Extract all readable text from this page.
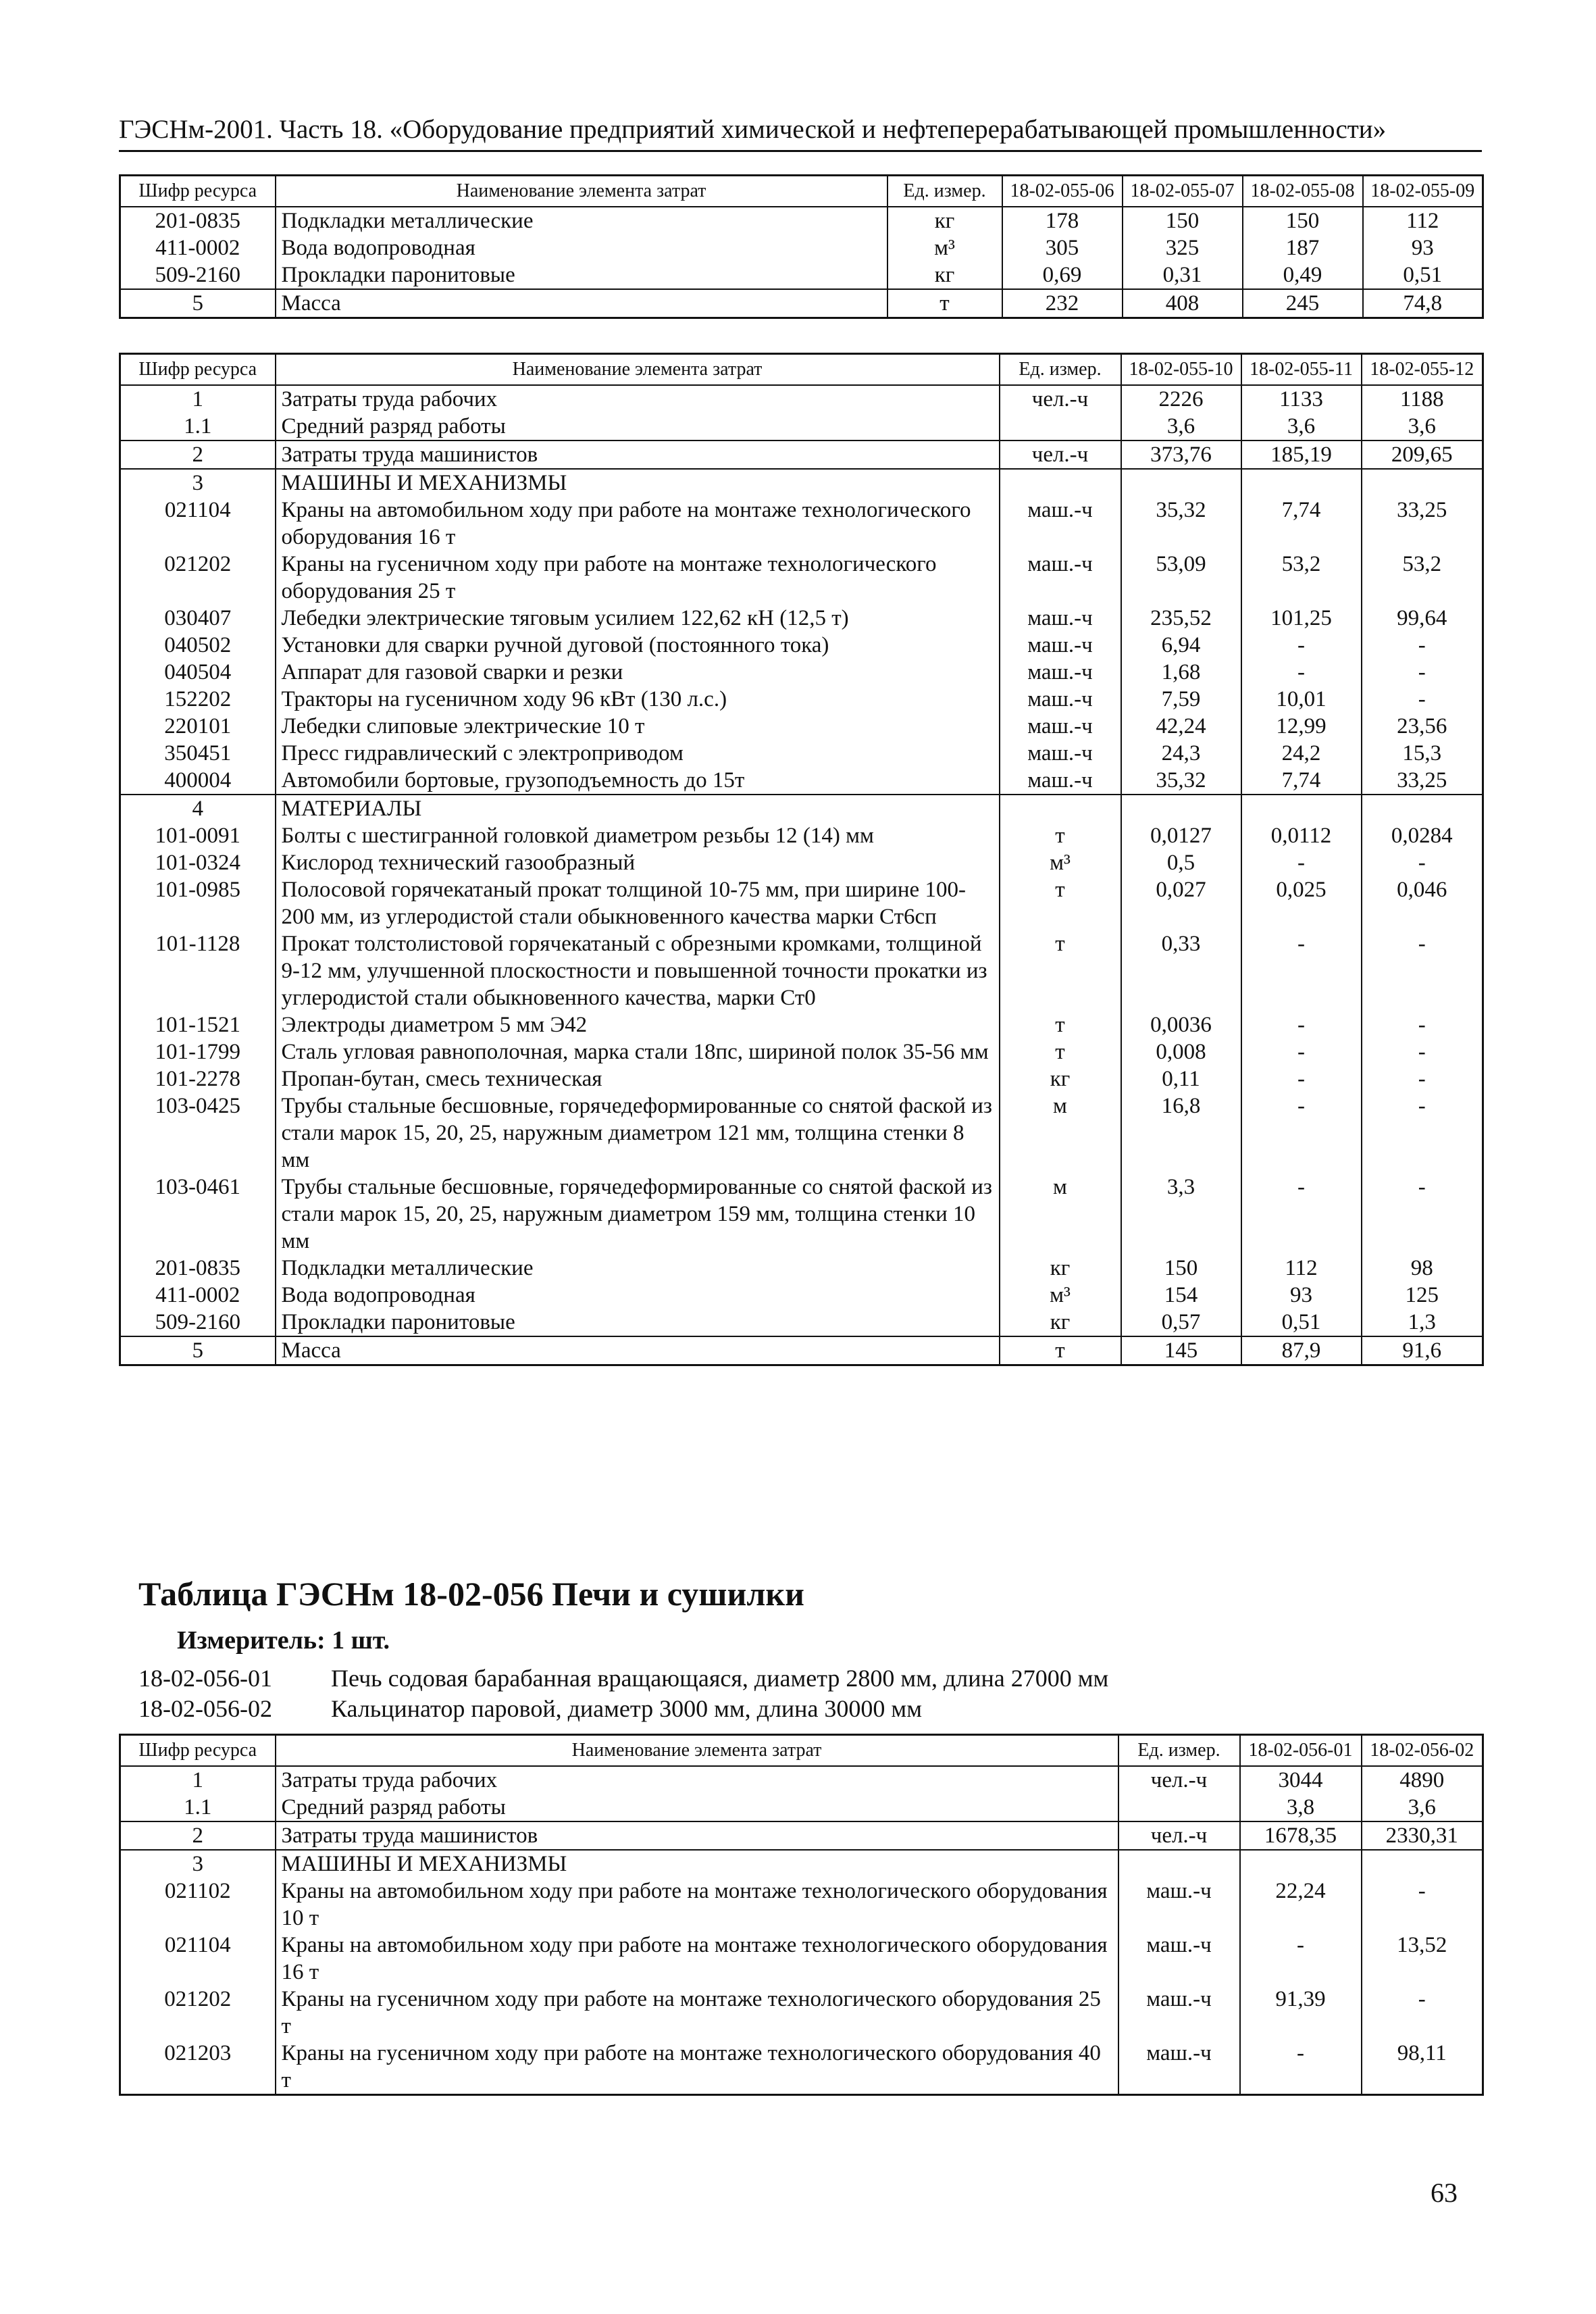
ГЭСНм-2001. Часть 18. «Оборудование предприятий химической и нефтеперерабатывающей промышленности»
Шифр ресурса	Наименование элемента затрат	Ед. измер.	18-02-055-06	18-02-055-07	18-02-055-08	18-02-055-09
201-0835	Подкладки металлические	кг	178	150	150	112
411-0002	Вода водопроводная	м³	305	325	187	93
509-2160	Прокладки паронитовые	кг	0,69	0,31	0,49	0,51
5	Масса	т	232	408	245	74,8
Шифр ресурса	Наименование элемента затрат	Ед. измер.	18-02-055-10	18-02-055-11	18-02-055-12
1	Затраты труда рабочих	чел.-ч	2226	1133	1188
1.1	Средний разряд работы		3,6	3,6	3,6
2	Затраты труда машинистов	чел.-ч	373,76	185,19	209,65
3	МАШИНЫ И МЕХАНИЗМЫ				
021104	Краны на автомобильном ходу при работе на монтаже технологического оборудования 16 т	маш.-ч	35,32	7,74	33,25
021202	Краны на гусеничном ходу при работе на монтаже технологического оборудования 25 т	маш.-ч	53,09	53,2	53,2
030407	Лебедки электрические тяговым усилием 122,62 кН (12,5 т)	маш.-ч	235,52	101,25	99,64
040502	Установки для сварки ручной дуговой (постоянного тока)	маш.-ч	6,94	-	-
040504	Аппарат для газовой сварки и резки	маш.-ч	1,68	-	-
152202	Тракторы на гусеничном ходу 96 кВт (130 л.с.)	маш.-ч	7,59	10,01	-
220101	Лебедки слиповые электрические 10 т	маш.-ч	42,24	12,99	23,56
350451	Пресс гидравлический с электроприводом	маш.-ч	24,3	24,2	15,3
400004	Автомобили бортовые, грузоподъемность до 15т	маш.-ч	35,32	7,74	33,25
4	МАТЕРИАЛЫ				
101-0091	Болты с шестигранной головкой диаметром резьбы 12 (14) мм	т	0,0127	0,0112	0,0284
101-0324	Кислород технический газообразный	м³	0,5	-	-
101-0985	Полосовой горячекатаный прокат толщиной 10-75 мм, при ширине 100-200 мм, из углеродистой стали обыкновенного качества марки Ст6сп	т	0,027	0,025	0,046
101-1128	Прокат толстолистовой горячекатаный с обрезными кромками, толщиной 9-12 мм, улучшенной плоскостности и повышенной точности прокатки из углеродистой стали обыкновенного качества, марки Ст0	т	0,33	-	-
101-1521	Электроды диаметром 5 мм Э42	т	0,0036	-	-
101-1799	Сталь угловая равнополочная, марка стали 18пс, шириной полок 35-56 мм	т	0,008	-	-
101-2278	Пропан-бутан, смесь техническая	кг	0,11	-	-
103-0425	Трубы стальные бесшовные, горячедеформированные со снятой фаской из стали марок 15, 20, 25, наружным диаметром 121 мм, толщина стенки 8 мм	м	16,8	-	-
103-0461	Трубы стальные бесшовные, горячедеформированные со снятой фаской из стали марок 15, 20, 25, наружным диаметром 159 мм, толщина стенки 10 мм	м	3,3	-	-
201-0835	Подкладки металлические	кг	150	112	98
411-0002	Вода водопроводная	м³	154	93	125
509-2160	Прокладки паронитовые	кг	0,57	0,51	1,3
5	Масса	т	145	87,9	91,6
Таблица ГЭСНм 18-02-056 Печи и сушилки
Измеритель: 1 шт.
18-02-056-01 Печь содовая барабанная вращающаяся, диаметр 2800 мм, длина 27000 мм
18-02-056-02 Кальцинатор паровой, диаметр 3000 мм, длина 30000 мм
Шифр ресурса	Наименование элемента затрат	Ед. измер.	18-02-056-01	18-02-056-02
1	Затраты труда рабочих	чел.-ч	3044	4890
1.1	Средний разряд работы		3,8	3,6
2	Затраты труда машинистов	чел.-ч	1678,35	2330,31
3	МАШИНЫ И МЕХАНИЗМЫ			
021102	Краны на автомобильном ходу при работе на монтаже технологического оборудования 10 т	маш.-ч	22,24	-
021104	Краны на автомобильном ходу при работе на монтаже технологического оборудования 16 т	маш.-ч	-	13,52
021202	Краны на гусеничном ходу при работе на монтаже технологического оборудования 25 т	маш.-ч	91,39	-
021203	Краны на гусеничном ходу при работе на монтаже технологического оборудования 40 т	маш.-ч	-	98,11
63
